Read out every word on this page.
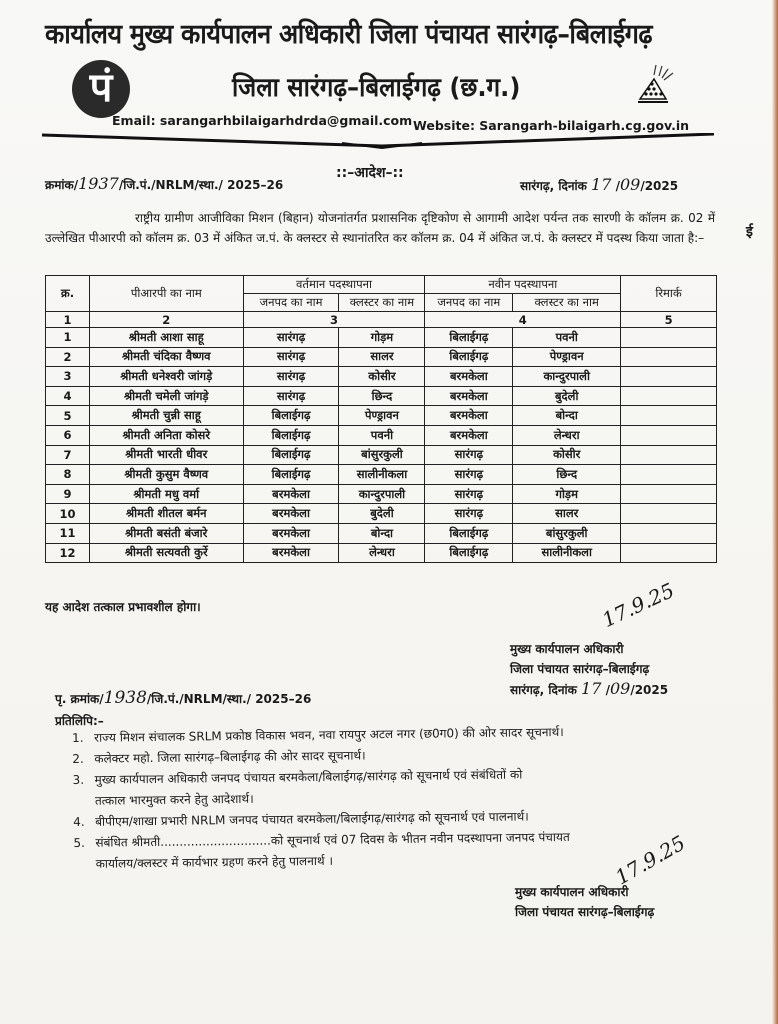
कार्यालय मुख्य कार्यपालन अधिकारी जिला पंचायत सारंगढ़–बिलाईगढ़
जिला सारंगढ़–बिलाईगढ़ (छ.ग.)
पं
Email: sarangarhbilaigarhdrda@gmail.com Website: Sarangarh-bilaigarh.cg.gov.in
क्रमांक/1937/जि.पं./NRLM/स्था./ 2025–26
::–आदेश–::
सारंगढ़, दिनांक 17 /09/2025
ई
राष्ट्रीय ग्रामीण आजीविका मिशन (बिहान) योजनांतर्गत प्रशासनिक दृष्टिकोण से आगामी आदेश पर्यन्त तक सारणी के कॉलम क्र. 02 में उल्लेखित पीआरपी को कॉलम क्र. 03 में अंकित ज.पं. के क्लस्टर से स्थानांतरित कर कॉलम क्र. 04 में अंकित ज.पं. के क्लस्टर में पदस्थ किया जाता है:–
क्र.	पीआरपी का नाम	वर्तमान पदस्थापना		नवीन पदस्थापना		रिमार्क
		जनपद का नाम	क्लस्टर का नाम	जनपद का नाम	क्लस्टर का नाम	
1	2	3		4		5
1	श्रीमती आशा साहू	सारंगढ़	गोड़म	बिलाईगढ़	पवनी	
2	श्रीमती चंदिका वैष्णव	सारंगढ़	सालर	बिलाईगढ़	पेण्ड्रावन	
3	श्रीमती धनेश्वरी जांगड़े	सारंगढ़	कोसीर	बरमकेला	कान्दुरपाली	
4	श्रीमती चमेली जांगड़े	सारंगढ़	छिन्द	बरमकेला	बुदेली	
5	श्रीमती चुन्नी साहू	बिलाईगढ़	पेण्ड्रावन	बरमकेला	बोन्दा	
6	श्रीमती अनिता कोसरे	बिलाईगढ़	पवनी	बरमकेला	लेन्धरा	
7	श्रीमती भारती धीवर	बिलाईगढ़	बांसुरकुली	सारंगढ़	कोसीर	
8	श्रीमती कुसुम वैष्णव	बिलाईगढ़	सालीनीकला	सारंगढ़	छिन्द	
9	श्रीमती मधु वर्मा	बरमकेला	कान्दुरपाली	सारंगढ़	गोड़म	
10	श्रीमती शीतल बर्मन	बरमकेला	बुदेली	सारंगढ़	सालर	
11	श्रीमती बसंती बंजारे	बरमकेला	बोन्दा	बिलाईगढ़	बांसुरकुली	
12	श्रीमती सत्यवती कुर्रे	बरमकेला	लेन्धरा	बिलाईगढ़	सालीनीकला	
यह आदेश तत्काल प्रभावशील होगा।	17.9.25
मुख्य कार्यपालन अधिकारी
जिला पंचायत सारंगढ़–बिलाईगढ़
सारंगढ़, दिनांक 17 /09/2025
पृ. क्रमांक/1938/जि.पं./NRLM/स्था./ 2025–26
प्रतिलिपि:–
1. राज्य मिशन संचालक SRLM प्रकोष्ठ विकास भवन, नवा रायपुर अटल नगर (छ0ग0) की ओर सादर सूचनार्थ।
2. कलेक्टर महो. जिला सारंगढ़–बिलाईगढ़ की ओर सादर सूचनार्थ।
3. मुख्य कार्यपालन अधिकारी जनपद पंचायत बरमकेला/बिलाईगढ़/सारंगढ़ को सूचनार्थ एवं संबंधितों को
तत्काल भारमुक्त करने हेतु आदेशार्थ।
4. बीपीएम/शाखा प्रभारी NRLM जनपद पंचायत बरमकेला/बिलाईगढ़/सारंगढ़ को सूचनार्थ एवं पालनार्थ।
5. संबंधित श्रीमती.............................को सूचनार्थ एवं 07 दिवस के भीतन नवीन पदस्थापना जनपद पंचायत
कार्यालय/क्लस्टर में कार्यभार ग्रहण करने हेतु पालनार्थ ।	17.9.25
मुख्य कार्यपालन अधिकारी
जिला पंचायत सारंगढ़–बिलाईगढ़
